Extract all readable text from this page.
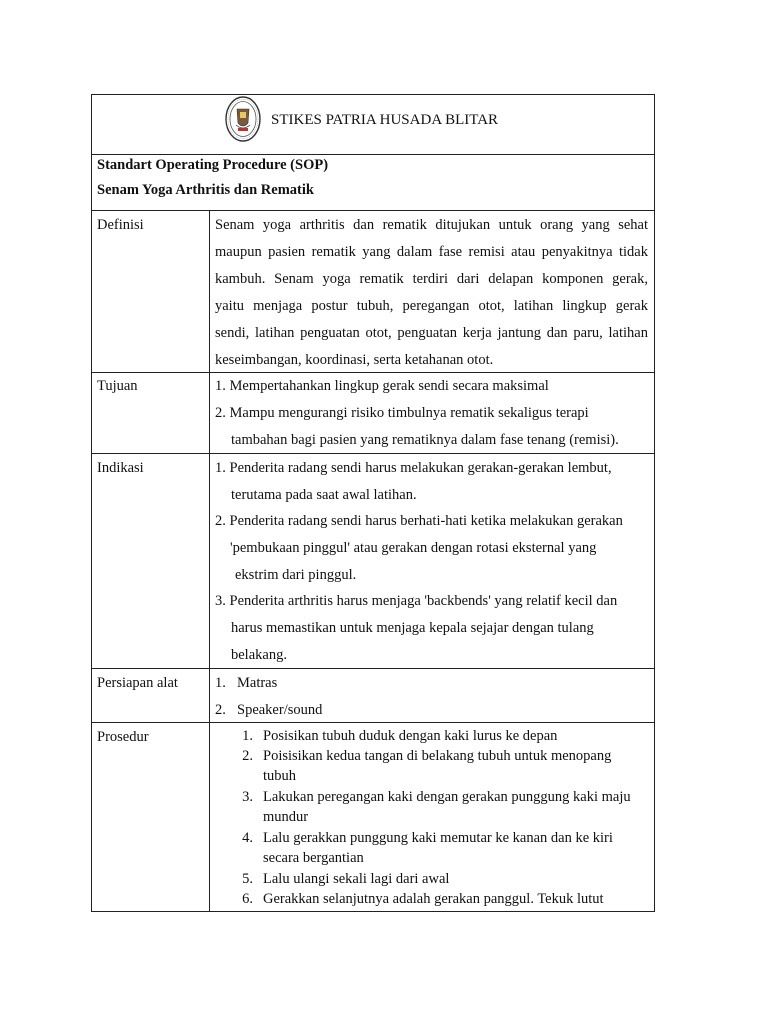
STIKES PATRIA HUSADA BLITAR
Standart Operating Procedure (SOP)
Senam Yoga Arthritis dan Rematik
Definisi	Senam yoga arthritis dan rematik ditujukan untuk orang yang sehat
maupun pasien rematik yang dalam fase remisi atau penyakitnya tidak
kambuh. Senam yoga rematik terdiri dari delapan komponen gerak,
yaitu menjaga postur tubuh, peregangan otot, latihan lingkup gerak
sendi, latihan penguatan otot, penguatan kerja jantung dan paru, latihan
keseimbangan, koordinasi, serta ketahanan otot.
Tujuan	1. Mempertahankan lingkup gerak sendi secara maksimal
2. Mampu mengurangi risiko timbulnya rematik sekaligus terapi
tambahan bagi pasien yang rematiknya dalam fase tenang (remisi).
Indikasi	1. Penderita radang sendi harus melakukan gerakan-gerakan lembut,
terutama pada saat awal latihan.
2. Penderita radang sendi harus berhati-hati ketika melakukan gerakan
'pembukaan pinggul' atau gerakan dengan rotasi eksternal yang
ekstrim dari pinggul.
3. Penderita arthritis harus menjaga 'backbends' yang relatif kecil dan
harus memastikan untuk menjaga kepala sejajar dengan tulang
belakang.
Persiapan alat	1. Matras
2. Speaker/sound
Prosedur	1. Posisikan tubuh duduk dengan kaki lurus ke depan
2. Poisisikan kedua tangan di belakang tubuh untuk menopang
tubuh
3. Lakukan peregangan kaki dengan gerakan punggung kaki maju
mundur
4. Lalu gerakkan punggung kaki memutar ke kanan dan ke kiri
secara bergantian
5. Lalu ulangi sekali lagi dari awal
6. Gerakkan selanjutnya adalah gerakan panggul. Tekuk lutut
